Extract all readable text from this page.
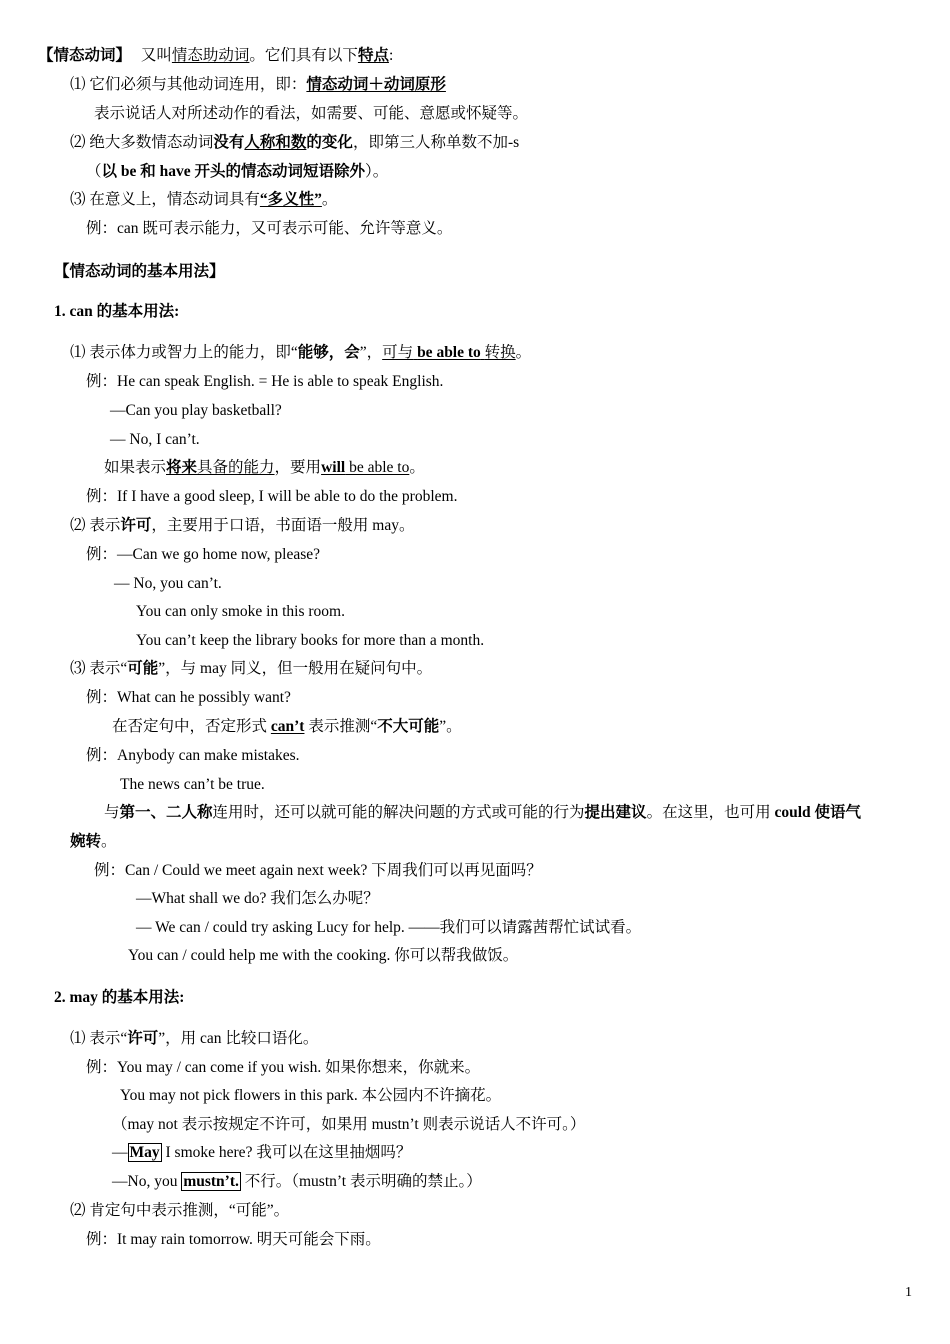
【情态动词】 又叫情态助动词。它们具有以下特点:
⑴ 它们必须与其他动词连用，即：情态动词＋动词原形
表示说话人对所述动作的看法，如需要、可能、意愿或怀疑等。
⑵ 绝大多数情态动词没有人称和数的变化，即第三人称单数不加-s
（以 be 和 have 开头的情态动词短语除外）。
⑶ 在意义上，情态动词具有“多义性”。
例：can 既可表示能力，又可表示可能、允许等意义。
【情态动词的基本用法】
1. can 的基本用法:
⑴ 表示体力或智力上的能力，即“能够，会”，可与 be able to 转换。
例：He can speak English. = He is able to speak English.
—Can you play basketball?
— No, I can’t.
如果表示将来具备的能力，要用will be able to。
例：If I have a good sleep, I will be able to do the problem.
⑵ 表示许可，主要用于口语，书面语一般用 may。
例：—Can we go home now, please?
— No, you can’t.
You can only smoke in this room.
You can’t keep the library books for more than a month.
⑶ 表示“可能”，与 may 同义，但一般用在疑问句中。
例：What can he possibly want?
在否定句中，否定形式 can’t 表示推测“不大可能”。
例：Anybody can make mistakes.
The news can’t be true.
与第一、二人称连用时，还可以就可能的解决问题的方式或可能的行为提出建议。在这里，也可用 could 使语气
婉转。
例：Can / Could we meet again next week? 下周我们可以再见面吗？
—What shall we do? 我们怎么办呢？
— We can / could try asking Lucy for help. ——我们可以请露茜帮忙试试看。
You can / could help me with the cooking. 你可以帮我做饭。
2. may 的基本用法:
⑴ 表示“许可”，用 can 比较口语化。
例：You may / can come if you wish. 如果你想来，你就来。
You may not pick flowers in this park. 本公园内不许摘花。
（may not 表示按规定不许可，如果用 mustn’t 则表示说话人不许可。）
— May I smoke here? 我可以在这里抽烟吗？
—No, you mustn’t. 不行。（mustn’t 表示明确的禁止。）
⑵ 肯定句中表示推测，“可能”。
例：It may rain tomorrow. 明天可能会下雨。
1
